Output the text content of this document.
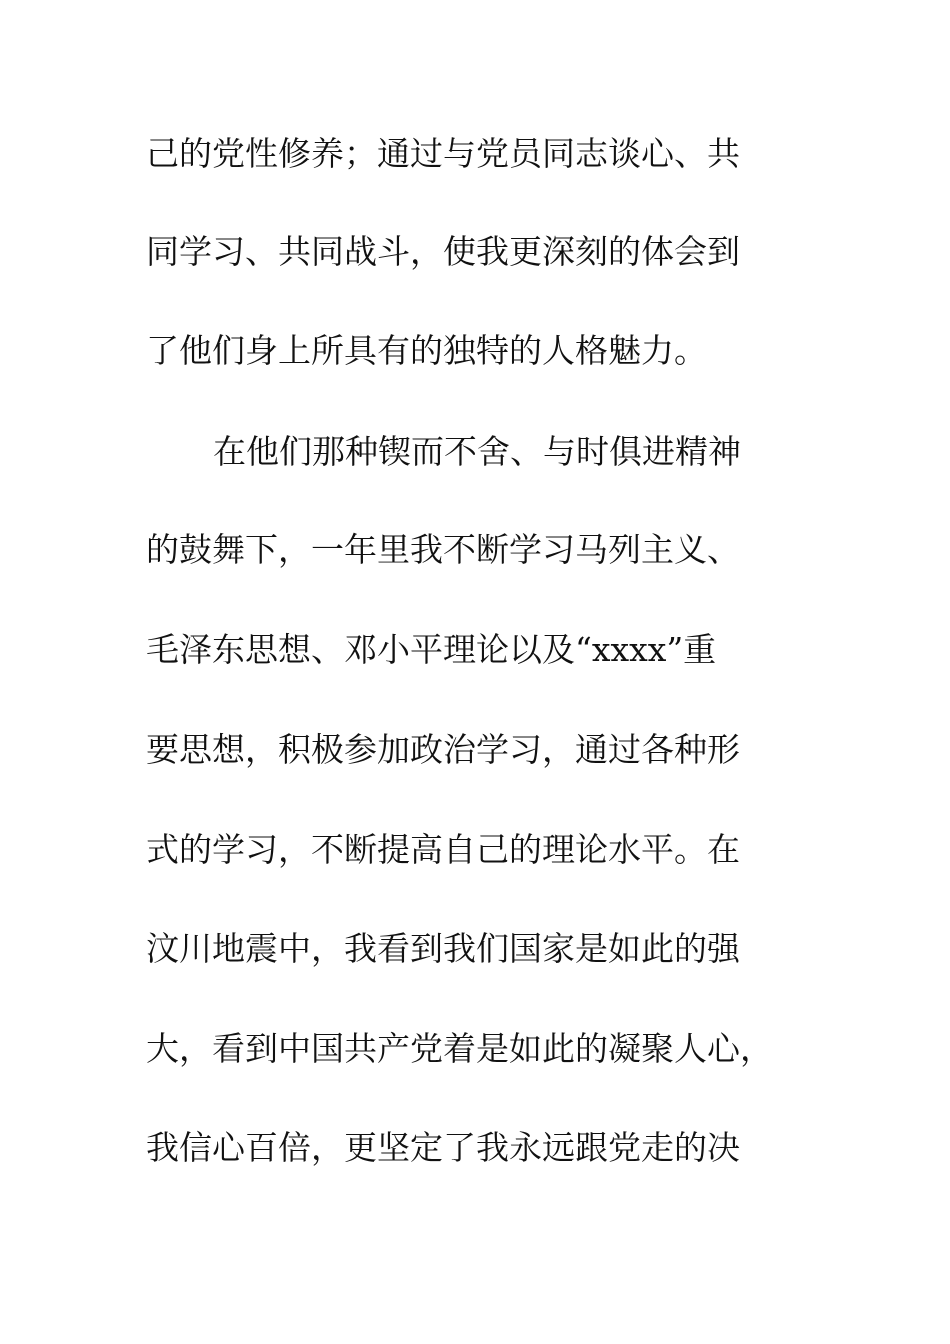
己的党性修养；通过与党员同志谈心、共
同学习、共同战斗，使我更深刻的体会到
了他们身上所具有的独特的人格魅力。
在他们那种锲而不舍、与时俱进精神
的鼓舞下，一年里我不断学习马列主义、
毛泽东思想、邓小平理论以及“xxxx”重
要思想，积极参加政治学习，通过各种形
式的学习，不断提高自己的理论水平。在
汶川地震中，我看到我们国家是如此的强
大，看到中国共产党着是如此的凝聚人心，
我信心百倍，更坚定了我永远跟党走的决
